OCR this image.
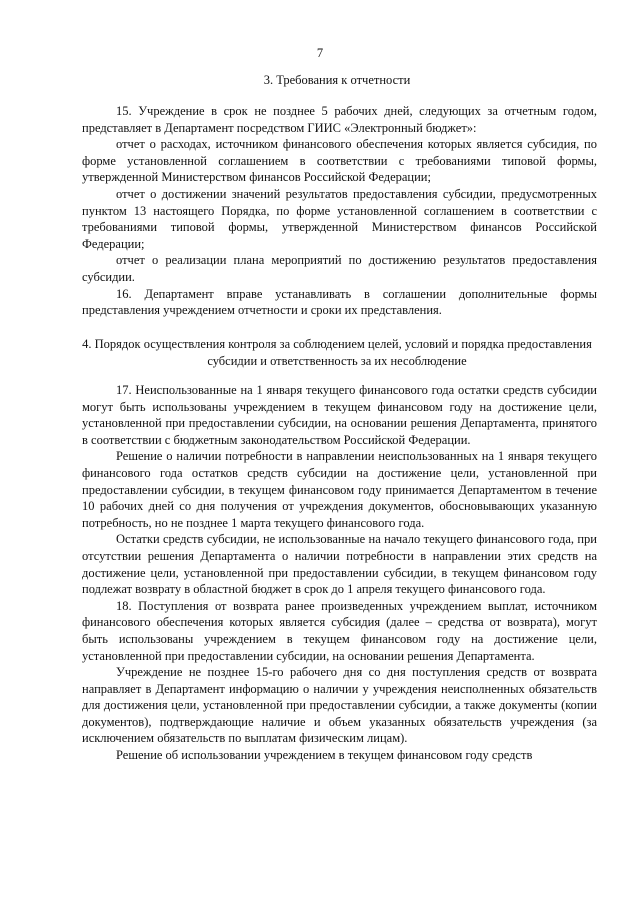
7
3. Требования к отчетности

15. Учреждение в срок не позднее 5 рабочих дней, следующих за отчетным годом, представляет в Департамент посредством ГИИС «Электронный бюджет»:

отчет о расходах, источником финансового обеспечения которых является субсидия, по форме установленной соглашением в соответствии с требованиями типовой формы, утвержденной Министерством финансов Российской Федерации;

отчет о достижении значений результатов предоставления субсидии, предусмотренных пунктом 13 настоящего Порядка, по форме установленной соглашением в соответствии с требованиями типовой формы, утвержденной Министерством финансов Российской Федерации;

отчет о реализации плана мероприятий по достижению результатов предоставления субсидии.

16. Департамент вправе устанавливать в соглашении дополнительные формы представления учреждением отчетности и сроки их представления.

4. Порядок осуществления контроля за соблюдением целей, условий и порядка предоставления субсидии и ответственность за их несоблюдение

17. Неиспользованные на 1 января текущего финансового года остатки средств субсидии могут быть использованы учреждением в текущем финансовом году на достижение цели, установленной при предоставлении субсидии, на основании решения Департамента, принятого в соответствии с бюджетным законодательством Российской Федерации.

Решение о наличии потребности в направлении неиспользованных на 1 января текущего финансового года остатков средств субсидии на достижение цели, установленной при предоставлении субсидии, в текущем финансовом году принимается Департаментом в течение 10 рабочих дней со дня получения от учреждения документов, обосновывающих указанную потребность, но не позднее 1 марта текущего финансового года.

Остатки средств субсидии, не использованные на начало текущего финансового года, при отсутствии решения Департамента о наличии потребности в направлении этих средств на достижение цели, установленной при предоставлении субсидии, в текущем финансовом году подлежат возврату в областной бюджет в срок до 1 апреля текущего финансового года.

18. Поступления от возврата ранее произведенных учреждением выплат, источником финансового обеспечения которых является субсидия (далее – средства от возврата), могут быть использованы учреждением в текущем финансовом году на достижение цели, установленной при предоставлении субсидии, на основании решения Департамента.

Учреждение не позднее 15-го рабочего дня со дня поступления средств от возврата направляет в Департамент информацию о наличии у учреждения неисполненных обязательств для достижения цели, установленной при предоставлении субсидии, а также документы (копии документов), подтверждающие наличие и объем указанных обязательств учреждения (за исключением обязательств по выплатам физическим лицам).

Решение об использовании учреждением в текущем финансовом году средств
